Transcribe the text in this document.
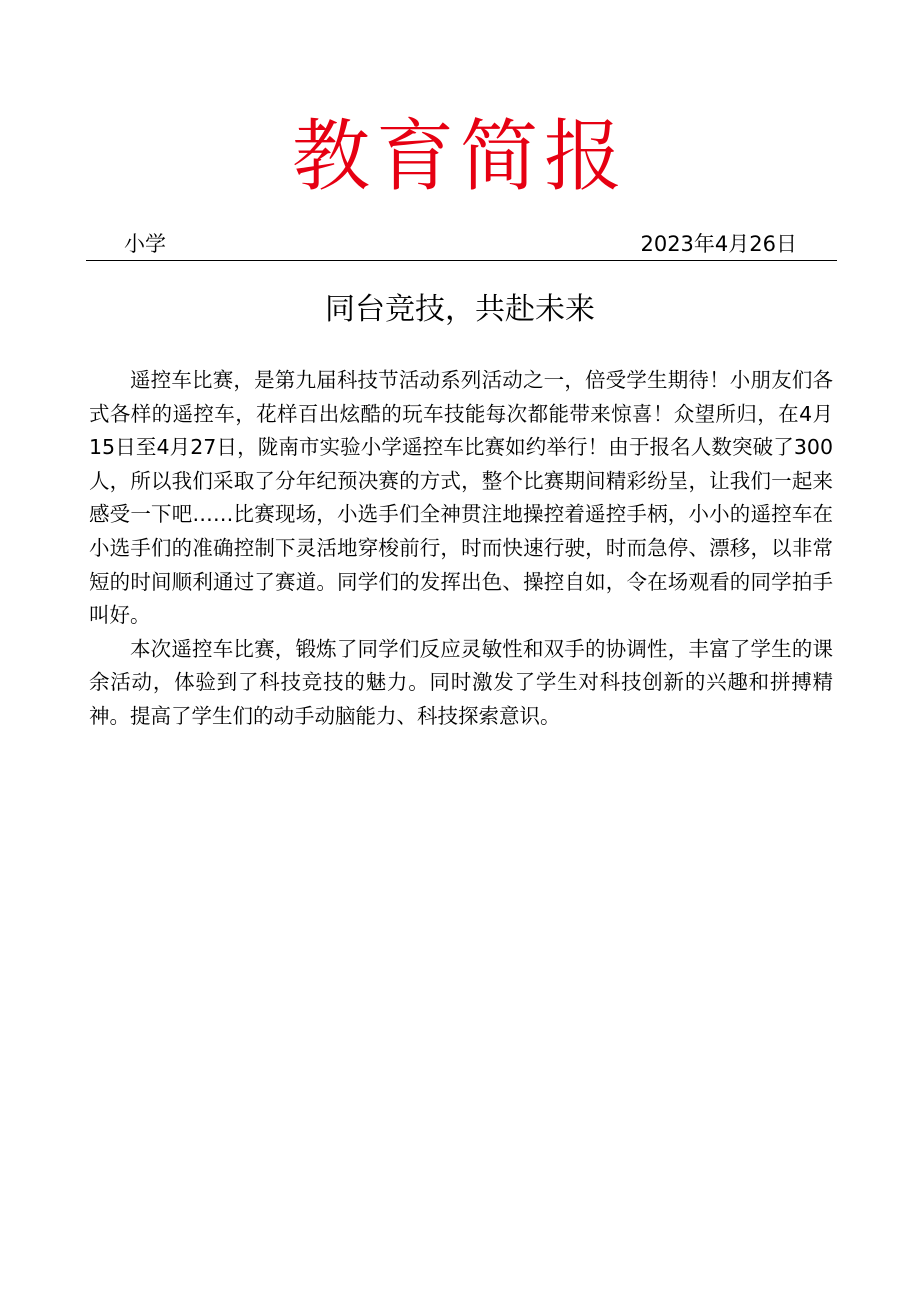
教育简报
小学	2023年4月26日
同台竞技，共赴未来

遥控车比赛，是第九届科技节活动系列活动之一，倍受学生期待！小朋友们各式各样的遥控车，花样百出炫酷的玩车技能每次都能带来惊喜！众望所归，在4月15日至4月27日，陇南市实验小学遥控车比赛如约举行！由于报名人数突破了300人，所以我们采取了分年纪预决赛的方式，整个比赛期间精彩纷呈，让我们一起来感受一下吧……比赛现场，小选手们全神贯注地操控着遥控手柄，小小的遥控车在小选手们的准确控制下灵活地穿梭前行，时而快速行驶，时而急停、漂移，以非常短的时间顺利通过了赛道。同学们的发挥出色、操控自如，令在场观看的同学拍手叫好。

本次遥控车比赛，锻炼了同学们反应灵敏性和双手的协调性，丰富了学生的课余活动，体验到了科技竞技的魅力。同时激发了学生对科技创新的兴趣和拼搏精神。提高了学生们的动手动脑能力、科技探索意识。
